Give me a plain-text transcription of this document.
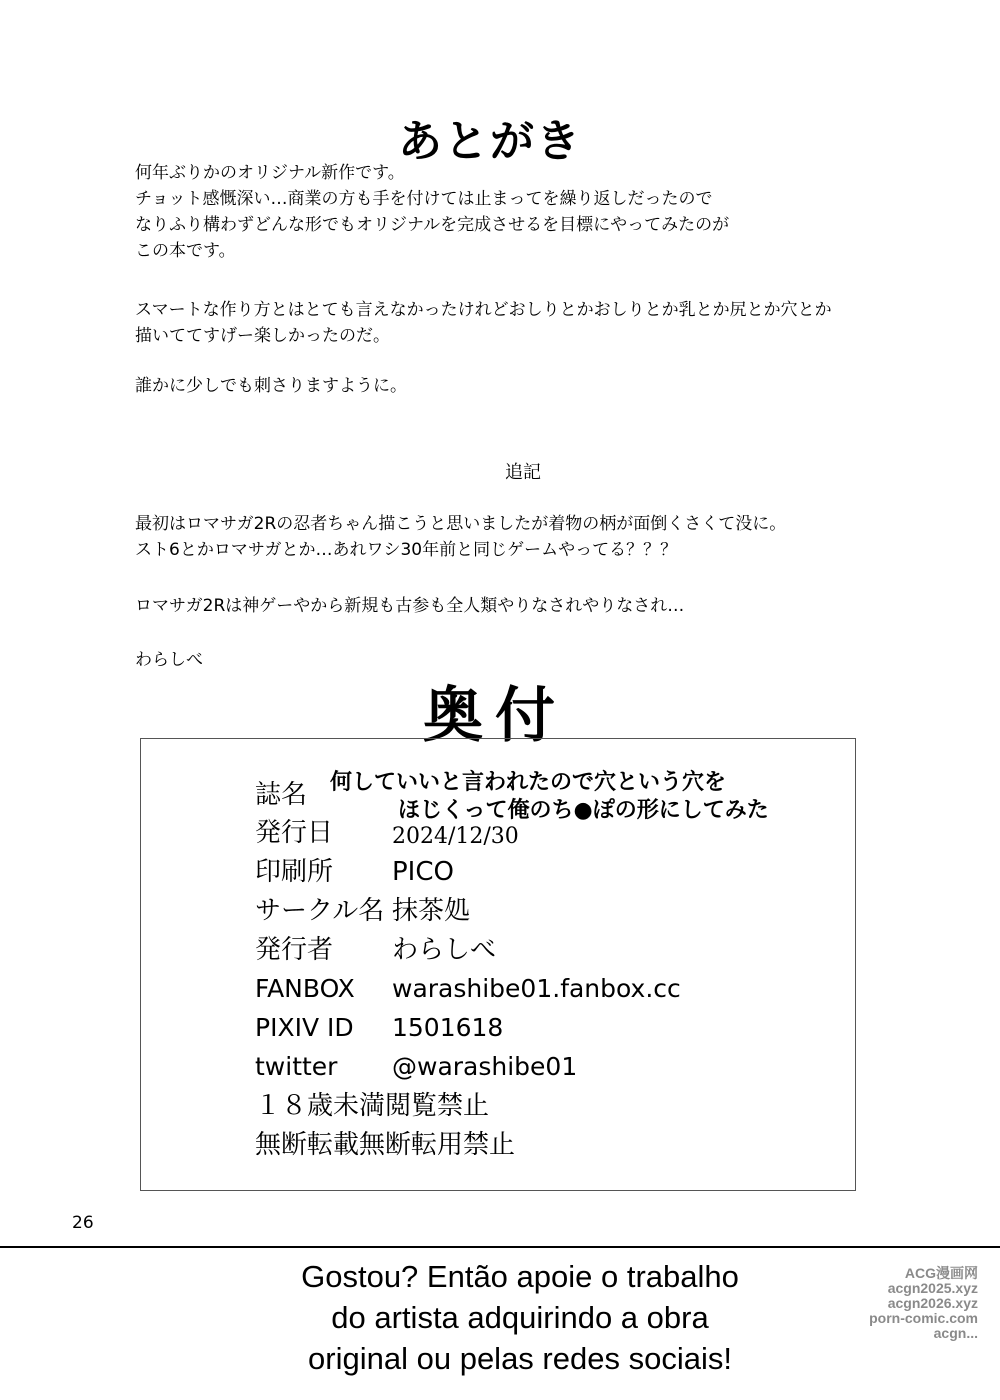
あとがき
何年ぶりかのオリジナル新作です。
チョット感慨深い…商業の方も手を付けては止まってを繰り返しだったので
なりふり構わずどんな形でもオリジナルを完成させるを目標にやってみたのが
この本です。
スマートな作り方とはとても言えなかったけれどおしりとかおしりとか乳とか尻とか穴とか
描いててすげー楽しかったのだ。
誰かに少しでも刺さりますように。
追記
最初はロマサガ2Rの忍者ちゃん描こうと思いましたが着物の柄が面倒くさくて没に。
スト6とかロマサガとか…あれワシ30年前と同じゲームやってる？？？
ロマサガ2Rは神ゲーやから新規も古参も全人類やりなされやりなされ…
わらしべ
奥付
誌名 何していいと言われたので穴という穴を
ほじくって俺のち●ぽの形にしてみた
発行日	2024/12/30
印刷所 PICO
サークル名 抹茶処
発行者 わらしべ
FANBOX warashibe01.fanbox.cc
PIXIV ID 1501618
twitter @warashibe01
１８歳未満閲覧禁止
無断転載無断転用禁止
26
Gostou? Então apoie o trabalho
do artista adquirindo a obra
original ou pelas redes sociais!
ACG漫画网
acgn2025.xyz
acgn2026.xyz
porn-comic.com
acgn...
